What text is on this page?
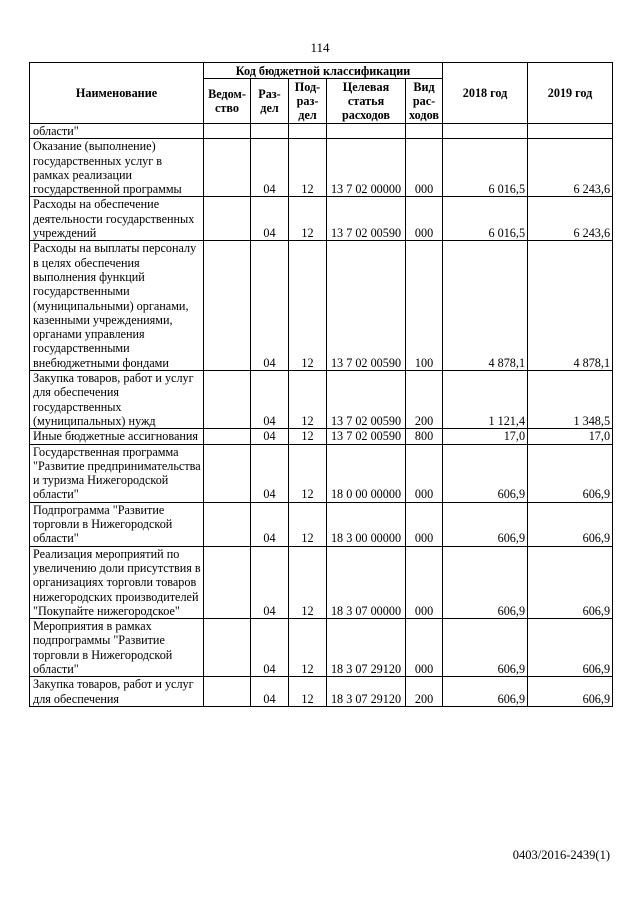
114
Наименование	Код бюджетной классификации					2018 год	2019 год
	Ведом-ство	Раз-дел	Под-раз-дел	Целевая статья расходов	Вид рас-ходов		
области"							
Оказание (выполнение) государственных услуг в рамках реализации государственной программы		04	12	13 7 02 00000	000	6 016,5	6 243,6
Расходы на обеспечение деятельности государственных учреждений		04	12	13 7 02 00590	000	6 016,5	6 243,6
Расходы на выплаты персоналу в целях обеспечения выполнения функций государственными (муниципальными) органами, казенными учреждениями, органами управления государственными внебюджетными фондами		04	12	13 7 02 00590	100	4 878,1	4 878,1
Закупка товаров, работ и услуг для обеспечения государственных (муниципальных) нужд		04	12	13 7 02 00590	200	1 121,4	1 348,5
Иные бюджетные ассигнования		04	12	13 7 02 00590	800	17,0	17,0
Государственная программа "Развитие предпринимательства и туризма Нижегородской области"		04	12	18 0 00 00000	000	606,9	606,9
Подпрограмма "Развитие торговли в Нижегородской области"		04	12	18 3 00 00000	000	606,9	606,9
Реализация мероприятий по увеличению доли присутствия в организациях торговли товаров нижегородских производителей "Покупайте нижегородское"		04	12	18 3 07 00000	000	606,9	606,9
Мероприятия в рамках подпрограммы "Развитие торговли в Нижегородской области"		04	12	18 3 07 29120	000	606,9	606,9
Закупка товаров, работ и услуг для обеспечения		04	12	18 3 07 29120	200	606,9	606,9
0403/2016-2439(1)
